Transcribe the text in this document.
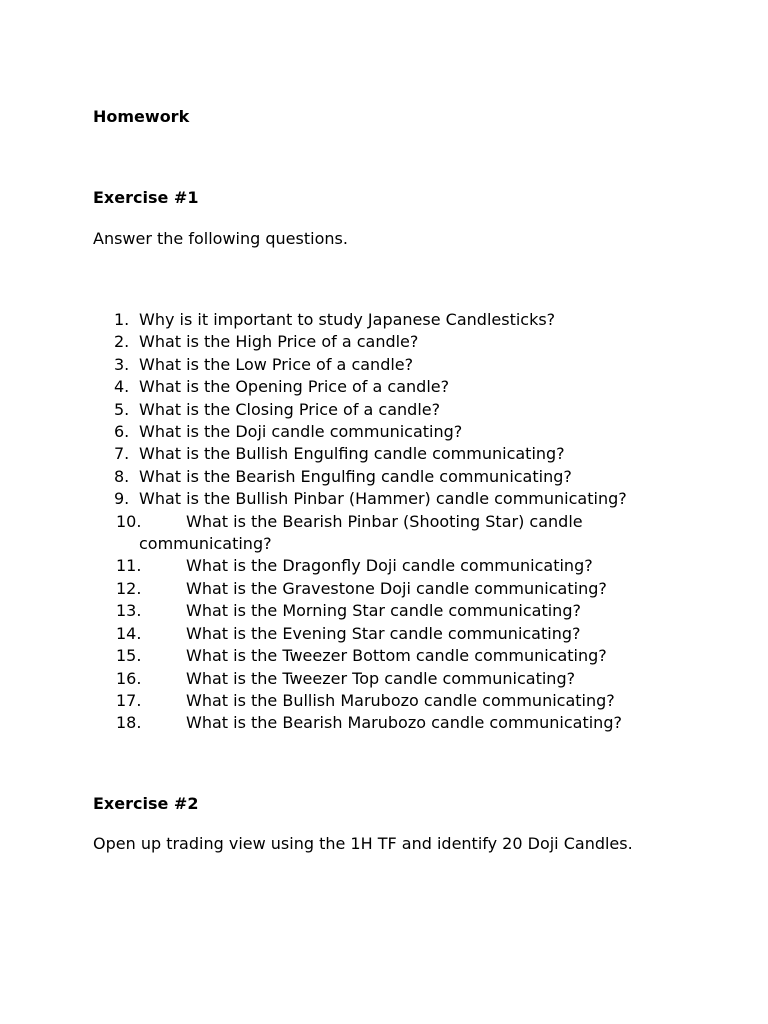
Homework

Exercise #1

Answer the following questions.

1. Why is it important to study Japanese Candlesticks?
2. What is the High Price of a candle?
3. What is the Low Price of a candle?
4. What is the Opening Price of a candle?
5. What is the Closing Price of a candle?
6. What is the Doji candle communicating?
7. What is the Bullish Engulfing candle communicating?
8. What is the Bearish Engulfing candle communicating?
9. What is the Bullish Pinbar (Hammer) candle communicating?
10.	What is the Bearish Pinbar (Shooting Star) candle communicating?
11.	What is the Dragonfly Doji candle communicating?
12.	What is the Gravestone Doji candle communicating?
13.	What is the Morning Star candle communicating?
14.	What is the Evening Star candle communicating?
15.	What is the Tweezer Bottom candle communicating?
16.	What is the Tweezer Top candle communicating?
17.	What is the Bullish Marubozo candle communicating?
18.	What is the Bearish Marubozo candle communicating?

Exercise #2

Open up trading view using the 1H TF and identify 20 Doji Candles.
